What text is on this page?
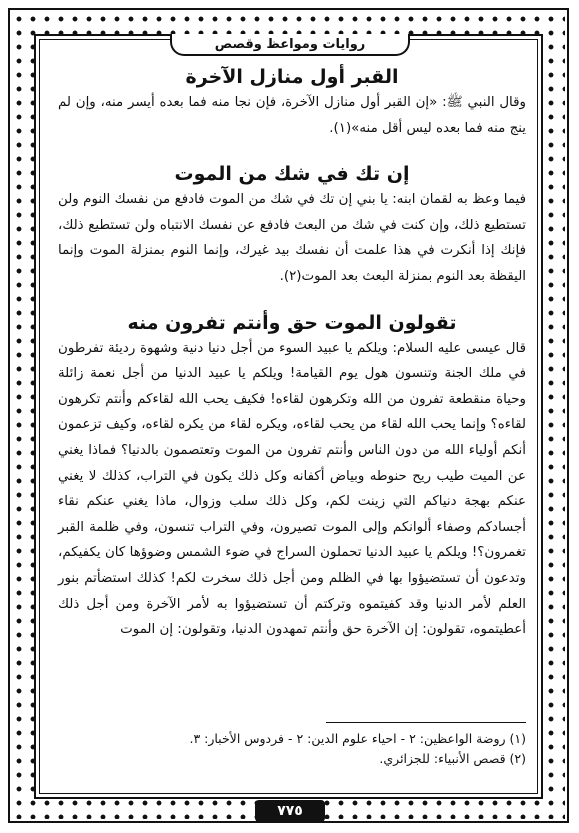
روايات ومواعظ وقصص
القبر أول منازل الآخرة

وقال النبي ﷺ: «إن القبر أول منازل الآخرة، فإن نجا منه فما بعده أيسر منه، وإن لم ينج منه فما بعده ليس أقل منه»(١).

إن تك في شك من الموت

فيما وعظ به لقمان ابنه: يا بني إن تك في شك من الموت فادفع من نفسك النوم ولن تستطيع ذلك، وإن كنت في شك من البعث فادفع عن نفسك الانتباه ولن تستطيع ذلك، فإنك إذا أنكرت في هذا علمت أن نفسك بيد غيرك، وإنما النوم بمنزلة الموت وإنما اليقظة بعد النوم بمنزلة البعث بعد الموت(٢).

تقولون الموت حق وأنتم تفرون منه

قال عيسى عليه السلام: ويلكم يا عبيد السوء من أجل دنيا دنية وشهوة رديئة تفرطون في ملك الجنة وتنسون هول يوم القيامة! ويلكم يا عبيد الدنيا من أجل نعمة زائلة وحياة منقطعة تفرون من الله وتكرهون لقاءه! فكيف يحب الله لقاءكم وأنتم تكرهون لقاءه؟ وإنما يحب الله لقاء من يحب لقاءه، ويكره لقاء من يكره لقاءه، وكيف تزعمون أنكم أولياء الله من دون الناس وأنتم تفرون من الموت وتعتصمون بالدنيا؟ فماذا يغني عن الميت طيب ريح حنوطه وبياض أكفانه وكل ذلك يكون في التراب، كذلك لا يغني عنكم بهجة دنياكم التي زينت لكم، وكل ذلك سلب وزوال، ماذا يغني عنكم نقاء أجسادكم وصفاء ألوانكم وإلى الموت تصيرون، وفي التراب تنسون، وفي ظلمة القبر تغمرون؟! ويلكم يا عبيد الدنيا تحملون السراج في ضوء الشمس وضوؤها كان يكفيكم، وتدعون أن تستضيؤوا بها في الظلم ومن أجل ذلك سخرت لكم! كذلك استضأتم بنور العلم لأمر الدنيا وقد كفيتموه وتركتم أن تستضيؤوا به لأمر الآخرة ومن أجل ذلك أعطيتموه، تقولون: إن الآخرة حق وأنتم تمهدون الدنيا، وتقولون: إن الموت

(١) روضة الواعظين: ٢ - احياء علوم الدين: ٢ - فردوس الأخبار: ٣.
(٢) قصص الأنبياء: للجزائري.
٧٧٥
